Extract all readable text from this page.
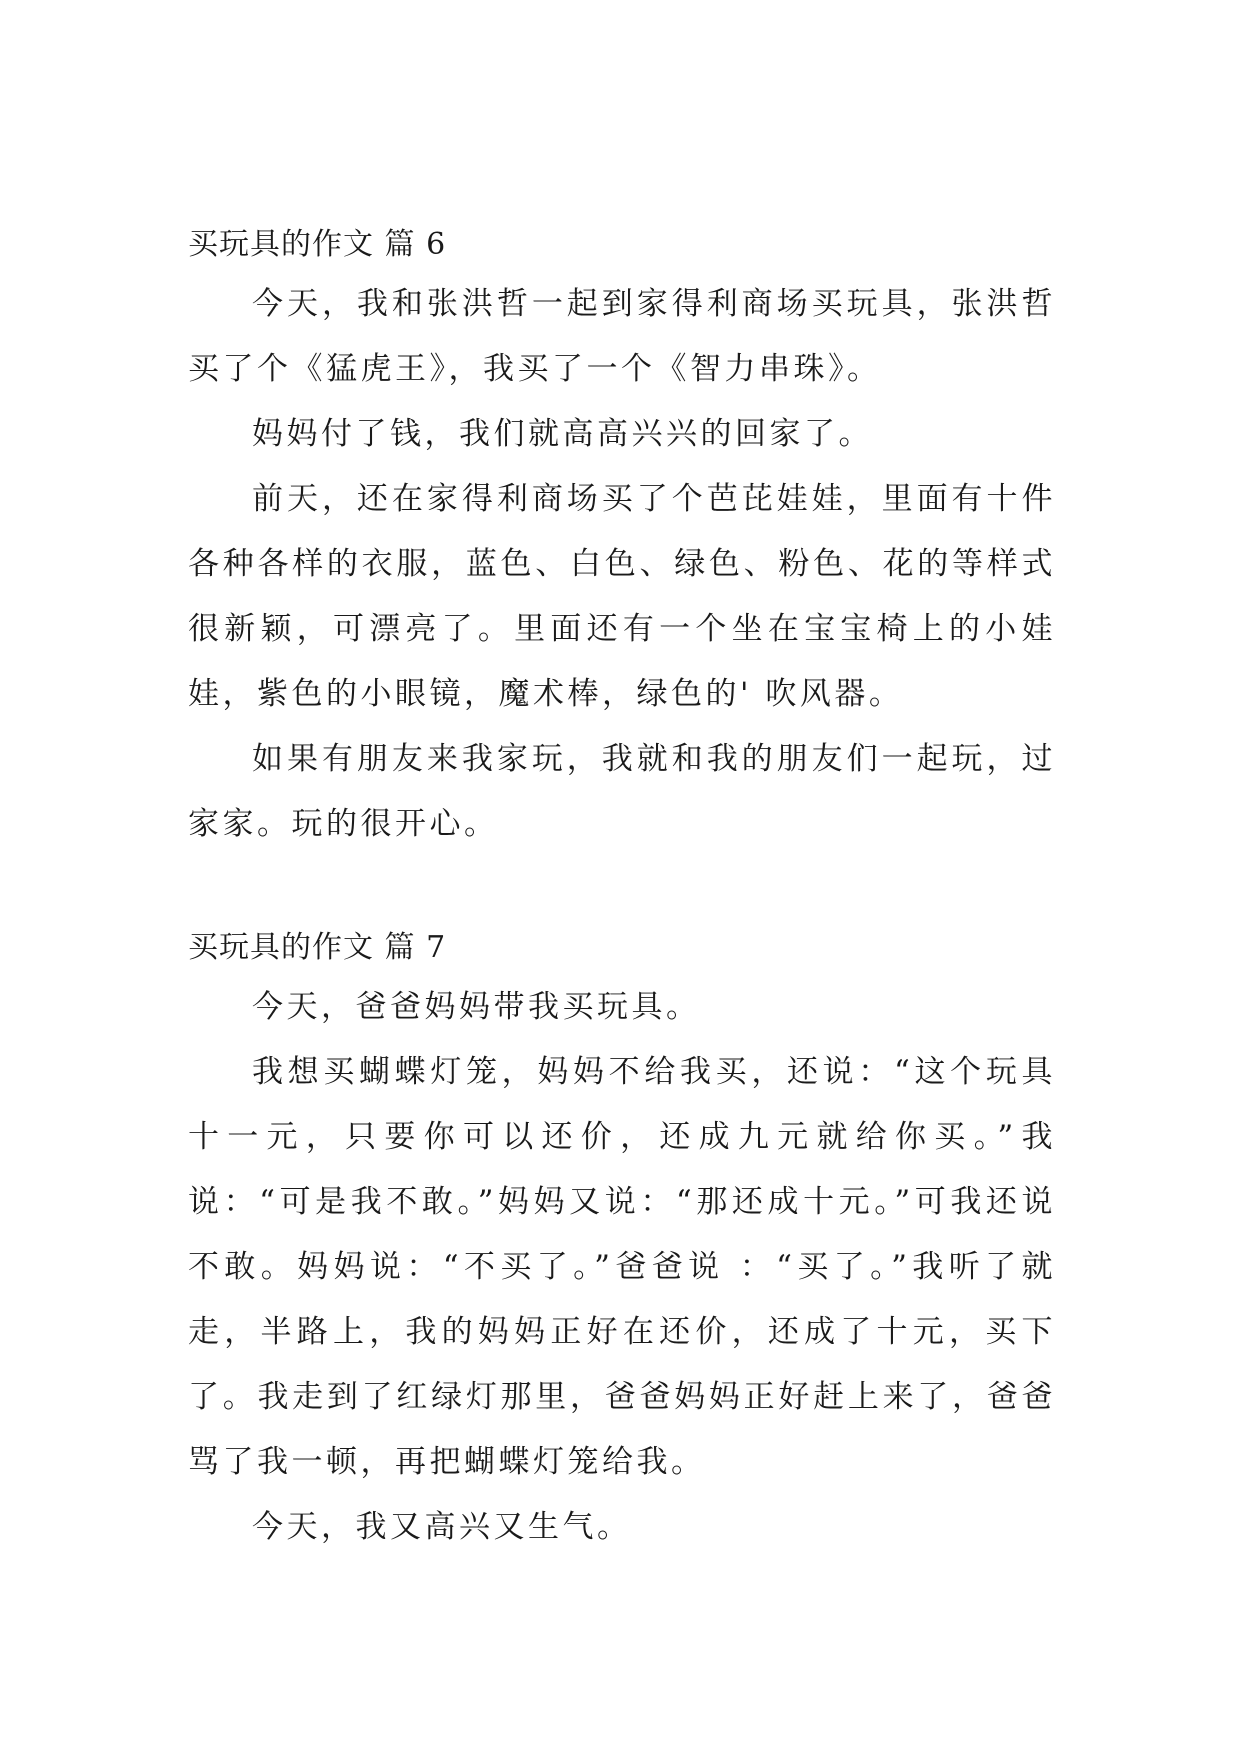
买玩具的作文 篇 6

今天，我和张洪哲一起到家得利商场买玩具，张洪哲买了个《猛虎王》，我买了一个《智力串珠》。

妈妈付了钱，我们就高高兴兴的回家了。

前天，还在家得利商场买了个芭芘娃娃，里面有十件各种各样的衣服，蓝色、白色、绿色、粉色、花的等样式很新颖，可漂亮了。里面还有一个坐在宝宝椅上的小娃娃，紫色的小眼镜，魔术棒，绿色的' 吹风器。

如果有朋友来我家玩，我就和我的朋友们一起玩，过家家。玩的很开心。

买玩具的作文 篇 7

今天，爸爸妈妈带我买玩具。

我想买蝴蝶灯笼，妈妈不给我买，还说：“这个玩具十一元，只要你可以还价，还成九元就给你买。”我说：“可是我不敢。”妈妈又说：“那还成十元。”可我还说不敢。妈妈说：“不买了。”爸爸说 ：“买了。”我听了就走，半路上，我的妈妈正好在还价，还成了十元，买下了。我走到了红绿灯那里，爸爸妈妈正好赶上来了，爸爸骂了我一顿，再把蝴蝶灯笼给我。

今天，我又高兴又生气。
